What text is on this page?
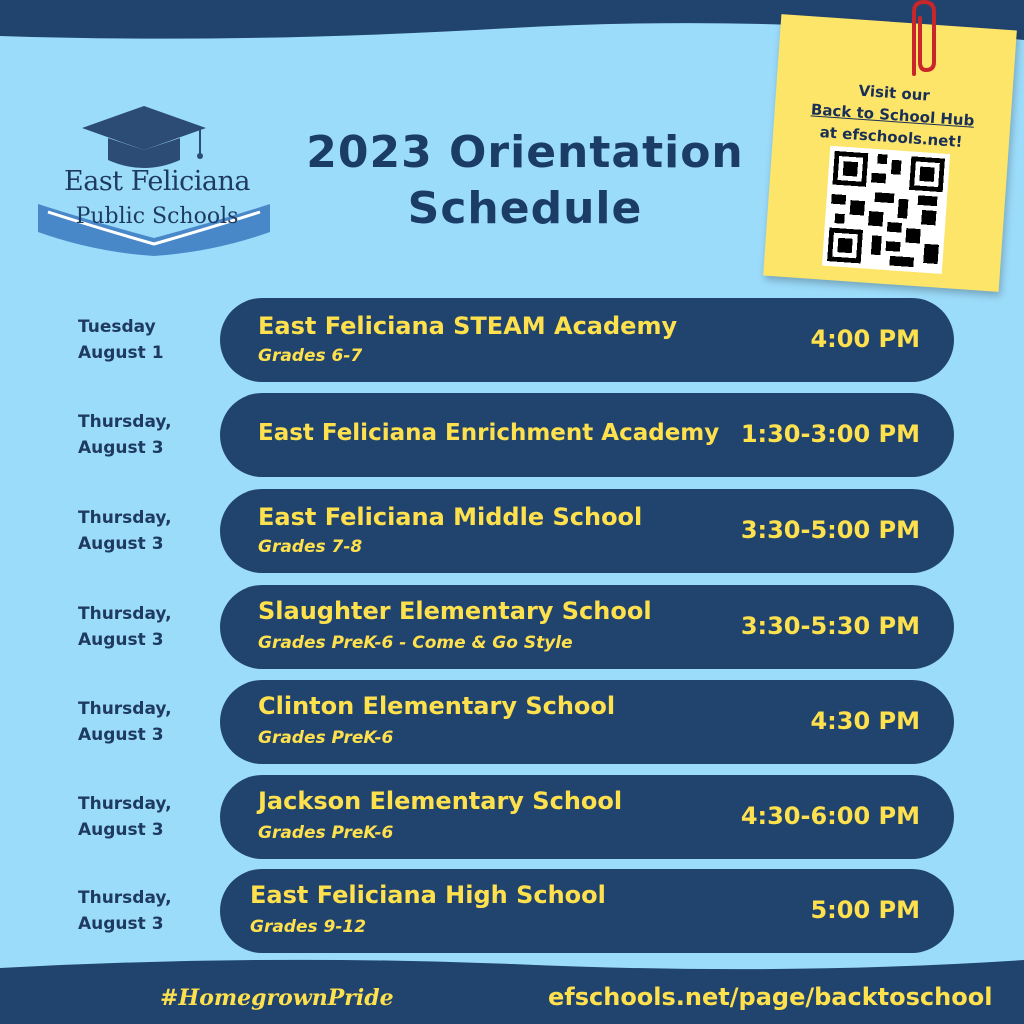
East Feliciana
Public Schools
2023 Orientation
Schedule
Visit our
Back to School Hub
at efschools.net!
Tuesday
August 1
East Feliciana STEAM Academy
Grades 6-7
4:00 PM
Thursday,
August 3
East Feliciana Enrichment Academy 1:30-3:00 PM
Thursday,
August 3
East Feliciana Middle School
Grades 7-8
3:30-5:00 PM
Thursday,
August 3
Slaughter Elementary School
Grades PreK-6 - Come & Go Style
3:30-5:30 PM
Thursday,
August 3
Clinton Elementary School
Grades PreK-6
4:30 PM
Thursday,
August 3
Jackson Elementary School
Grades PreK-6
4:30-6:00 PM
Thursday,
August 3
East Feliciana High School
Grades 9-12
5:00 PM
#HomegrownPride	efschools.net/page/backtoschool
